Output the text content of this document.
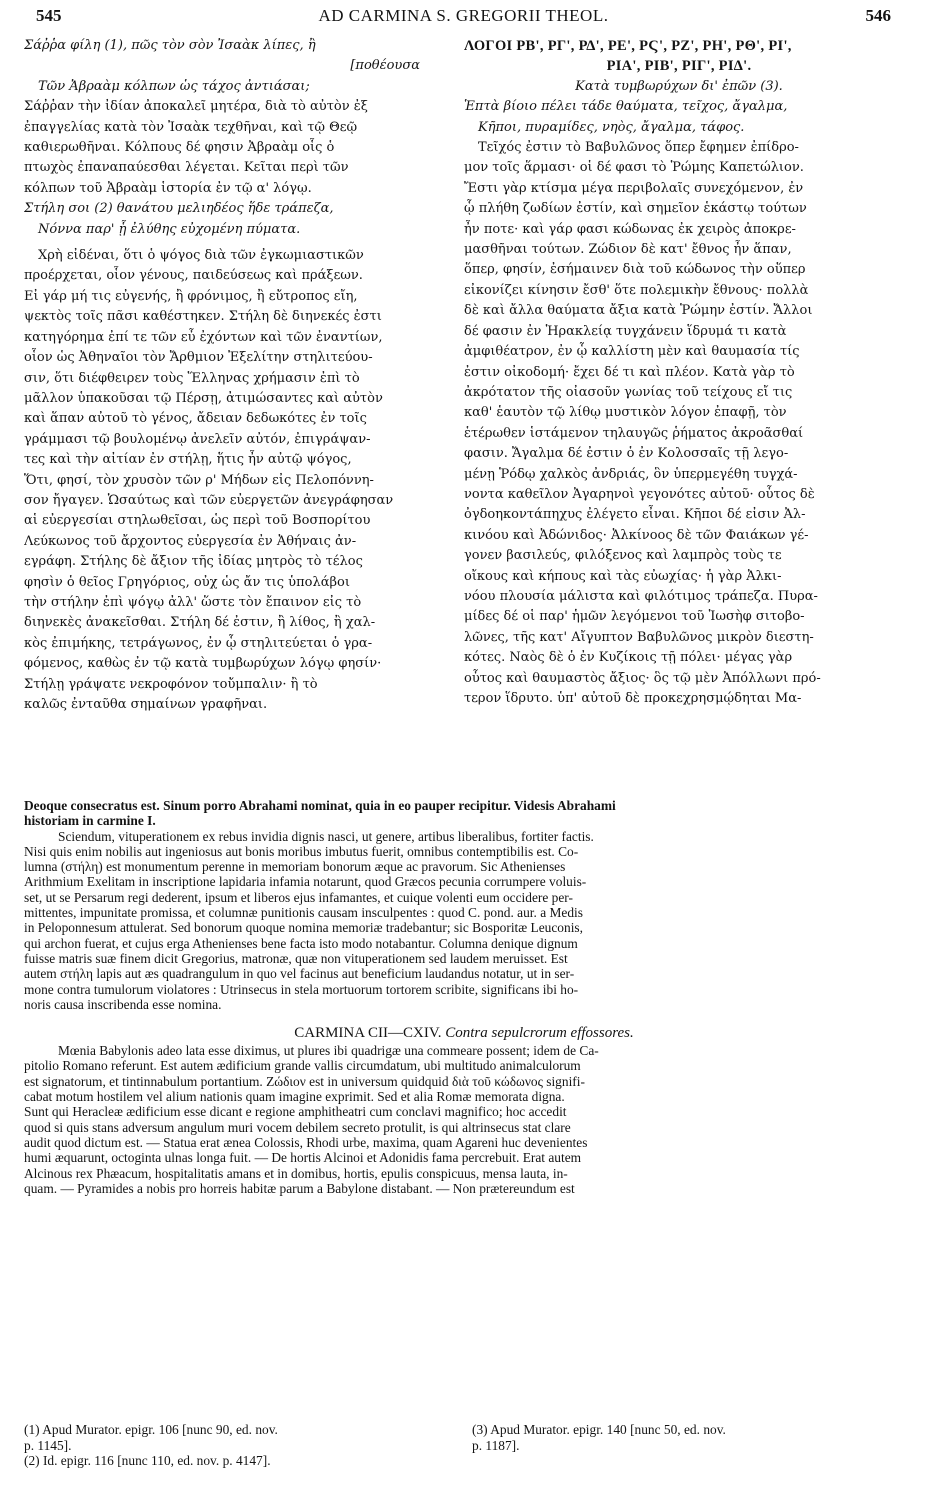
545	AD CARMINA S. GREGORII THEOL.	546
Σάῤῥα φίλη (1), πῶς τὸν σὸν Ἰσαὰκ λίπες, ἢ
[ποθέουσα
Τῶν Ἀβραὰμ κόλπων ὡς τάχος ἀντιάσαι;
Σάῤῥαν τὴν ἰδίαν ἀποκαλεῖ μητέρα, διὰ τὸ αὐτὸν ἐξ
ἐπαγγελίας κατὰ τὸν Ἰσαὰκ τεχθῆναι, καὶ τῷ Θεῷ
καθιερωθῆναι. Κόλπους δέ φησιν Ἀβραὰμ οἷς ὁ
πτωχὸς ἐπαναπαύεσθαι λέγεται. Κεῖται περὶ τῶν
κόλπων τοῦ Ἀβραὰμ ἱστορία ἐν τῷ α' λόγῳ.
Στήλη σοι (2) θανάτου μελιηδέος ἥδε τράπεζα,
Νόννα παρ' ᾗ ἐλύθης εὐχομένη πύματα.
Χρὴ εἰδέναι, ὅτι ὁ ψόγος διὰ τῶν ἐγκωμιαστικῶν
προέρχεται, οἷον γένους, παιδεύσεως καὶ πράξεων.
Εἰ γάρ μή τις εὐγενής, ἢ φρόνιμος, ἢ εὔτροπος εἴη,
ψεκτὸς τοῖς πᾶσι καθέστηκεν. Στήλη δὲ διηνεκές ἐστι
κατηγόρημα ἐπί τε τῶν εὖ ἐχόντων καὶ τῶν ἐναντίων,
οἷον ὡς Ἀθηναῖοι τὸν Ἄρθμιον Ἐξελίτην στηλιτεύου-
σιν, ὅτι διέφθειρεν τοὺς Ἕλληνας χρήμασιν ἐπὶ τὸ
μᾶλλον ὑπακοῦσαι τῷ Πέρσῃ, ἀτιμώσαντες καὶ αὐτὸν
καὶ ἅπαν αὐτοῦ τὸ γένος, ἄδειαν δεδωκότες ἐν τοῖς
γράμμασι τῷ βουλομένῳ ἀνελεῖν αὐτόν, ἐπιγράψαν-
τες καὶ τὴν αἰτίαν ἐν στήλῃ, ἥτις ἦν αὐτῷ ψόγος,
Ὅτι, φησί, τὸν χρυσὸν τῶν ρ' Μήδων εἰς Πελοπόννη-
σον ἤγαγεν. Ὡσαύτως καὶ τῶν εὐεργετῶν ἀνεγράφησαν
αἱ εὐεργεσίαι στηλωθεῖσαι, ὡς περὶ τοῦ Βοσπορίτου
Λεύκωνος τοῦ ἄρχοντος εὐεργεσία ἐν Ἀθήναις ἀν-
εγράφη. Στήλης δὲ ἄξιον τῆς ἰδίας μητρὸς τὸ τέλος
φησὶν ὁ θεῖος Γρηγόριος, οὐχ ὡς ἄν τις ὑπολάβοι
τὴν στήλην ἐπὶ ψόγῳ ἀλλ' ὥστε τὸν ἔπαινον εἰς τὸ
διηνεκὲς ἀνακεῖσθαι. Στήλη δέ ἐστιν, ἢ λίθος, ἢ χαλ-
κὸς ἐπιμήκης, τετράγωνος, ἐν ᾧ στηλιτεύεται ὁ γρα-
φόμενος, καθὼς ἐν τῷ κατὰ τυμβωρύχων λόγῳ φησίν·
Στήλῃ γράψατε νεκροφόνον τοὔμπαλιν· ἢ τὸ
καλῶς ἐνταῦθα σημαίνων γραφῆναι.
ΛΟΓΟΙ ΡΒ', ΡΓ', ΡΔ', ΡΕ', ΡϚ', ΡΖ', ΡΗ', ΡΘ', ΡΙ',
ΡΙΑ', ΡΙΒ', ΡΙΓ', ΡΙΔ'.
Κατὰ τυμβωρύχων δι' ἐπῶν (3).
Ἑπτὰ βίοιο πέλει τάδε θαύματα, τεῖχος, ἄγαλμα,
Κῆποι, πυραμίδες, νηὸς, ἄγαλμα, τάφος.
Τεῖχός ἐστιν τὸ Βαβυλῶνος ὅπερ ἔφημεν ἐπίδρο-
μον τοῖς ἅρμασι· οἱ δέ φασι τὸ Ῥώμης Καπετώλιον.
Ἔστι γὰρ κτίσμα μέγα περιβολαῖς συνεχόμενον, ἐν
ᾧ πλήθη ζωδίων ἐστίν, καὶ σημεῖον ἑκάστῳ τούτων
ἦν ποτε· καὶ γάρ φασι κώδωνας ἐκ χειρὸς ἀποκρε-
μασθῆναι τούτων. Ζώδιον δὲ κατ' ἔθνος ἦν ἅπαν,
ὅπερ, φησίν, ἐσήμαινεν διὰ τοῦ κώδωνος τὴν οὕπερ
εἰκονίζει κίνησιν ἔσθ' ὅτε πολεμικὴν ἔθνους· πολλὰ
δὲ καὶ ἄλλα θαύματα ἄξια κατὰ Ῥώμην ἐστίν. Ἄλλοι
δέ φασιν ἐν Ἡρακλείᾳ τυγχάνειν ἵδρυμά τι κατὰ
ἀμφιθέατρον, ἐν ᾧ καλλίστη μὲν καὶ θαυμασία τίς
ἐστιν οἰκοδομή· ἔχει δέ τι καὶ πλέον. Κατὰ γὰρ τὸ
ἀκρότατον τῆς οἰασοῦν γωνίας τοῦ τείχους εἴ τις
καθ' ἑαυτὸν τῷ λίθῳ μυστικὸν λόγον ἐπαφῇ, τὸν
ἑτέρωθεν ἱστάμενον τηλαυγῶς ῥήματος ἀκροᾶσθαί
φασιν. Ἄγαλμα δέ ἐστιν ὁ ἐν Κολοσσαῖς τῇ λεγο-
μένῃ Ῥόδῳ χαλκὸς ἀνδριάς, ὃν ὑπερμεγέθη τυγχά-
νοντα καθεῖλον Ἀγαρηνοὶ γεγονότες αὐτοῦ· οὗτος δὲ
ὀγδοηκοντάπηχυς ἐλέγετο εἶναι. Κῆποι δέ εἰσιν Ἀλ-
κινόου καὶ Ἀδώνιδος· Ἀλκίνοος δὲ τῶν Φαιάκων γέ-
γονεν βασιλεύς, φιλόξενος καὶ λαμπρὸς τοὺς τε
οἴκους καὶ κήπους καὶ τὰς εὐωχίας· ἡ γὰρ Ἀλκι-
νόου πλουσία μάλιστα καὶ φιλότιμος τράπεζα. Πυρα-
μίδες δέ οἱ παρ' ἡμῶν λεγόμενοι τοῦ Ἰωσὴφ σιτοβο-
λῶνες, τῆς κατ' Αἴγυπτον Βαβυλῶνος μικρὸν διεστη-
κότες. Ναὸς δὲ ὁ ἐν Κυζίκοις τῇ πόλει· μέγας γὰρ
οὗτος καὶ θαυμαστὸς ἄξιος· ὃς τῷ μὲν Ἀπόλλωνι πρό-
τερον ἵδρυτο. ὑπ' αὐτοῦ δὲ προκεχρησμῴδηται Μα-
Deoque consecratus est. Sinum porro Abrahami nominat, quia in eo pauper recipitur. Videsis Abrahami
historiam in carmine I.
Sciendum, vituperationem ex rebus invidia dignis nasci, ut genere, artibus liberalibus, fortiter factis.
Nisi quis enim nobilis aut ingeniosus aut bonis moribus imbutus fuerit, omnibus contemptibilis est. Co-
lumna (στήλη) est monumentum perenne in memoriam bonorum æque ac pravorum. Sic Athenienses
Arithmium Exelitam in inscriptione lapidaria infamia notarunt, quod Græcos pecunia corrumpere voluis-
set, ut se Persarum regi dederent, ipsum et liberos ejus infamantes, et cuique volenti eum occidere per-
mittentes, impunitate promissa, et columnæ punitionis causam insculpentes : quod C. pond. aur. a Medis
in Peloponnesum attulerat. Sed bonorum quoque nomina memoriæ tradebantur; sic Bosporitæ Leuconis,
qui archon fuerat, et cujus erga Athenienses bene facta isto modo notabantur. Columna denique dignum
fuisse matris suæ finem dicit Gregorius, matronæ, quæ non vituperationem sed laudem meruisset. Est
autem στήλη lapis aut æs quadrangulum in quo vel facinus aut beneficium laudandus notatur, ut in ser-
mone contra tumulorum violatores : Utrinsecus in stela mortuorum tortorem scribite, significans ibi ho-
noris causa inscribenda esse nomina.
CARMINA CII—CXIV. Contra sepulcrorum effossores.
Mœnia Babylonis adeo lata esse diximus, ut plures ibi quadrigæ una commeare possent; idem de Ca-
pitolio Romano referunt. Est autem ædificium grande vallis circumdatum, ubi multitudo animalculorum
est signatorum, et tintinnabulum portantium. Ζώδιον est in universum quidquid διὰ τοῦ κώδωνος signifi-
cabat motum hostilem vel alium nationis quam imagine exprimit. Sed et alia Romæ memorata digna.
Sunt qui Heracleæ ædificium esse dicant e regione amphitheatri cum conclavi magnifico; hoc accedit
quod si quis stans adversum angulum muri vocem debilem secreto protulit, is qui altrinsecus stat clare
audit quod dictum est. — Statua erat ænea Colossis, Rhodi urbe, maxima, quam Agareni huc devenientes
humi æquarunt, octoginta ulnas longa fuit. — De hortis Alcinoi et Adonidis fama percrebuit. Erat autem
Alcinous rex Phæacum, hospitalitatis amans et in domibus, hortis, epulis conspicuus, mensa lauta, in-
quam. — Pyramides a nobis pro horreis habitæ parum a Babylone distabant. — Non prætereundum est
(1) Apud Murator. epigr. 106 [nunc 90, ed. nov.
p. 1145].
(2) Id. epigr. 116 [nunc 110, ed. nov. p. 4147].
(3) Apud Murator. epigr. 140 [nunc 50, ed. nov.
p. 1187].
